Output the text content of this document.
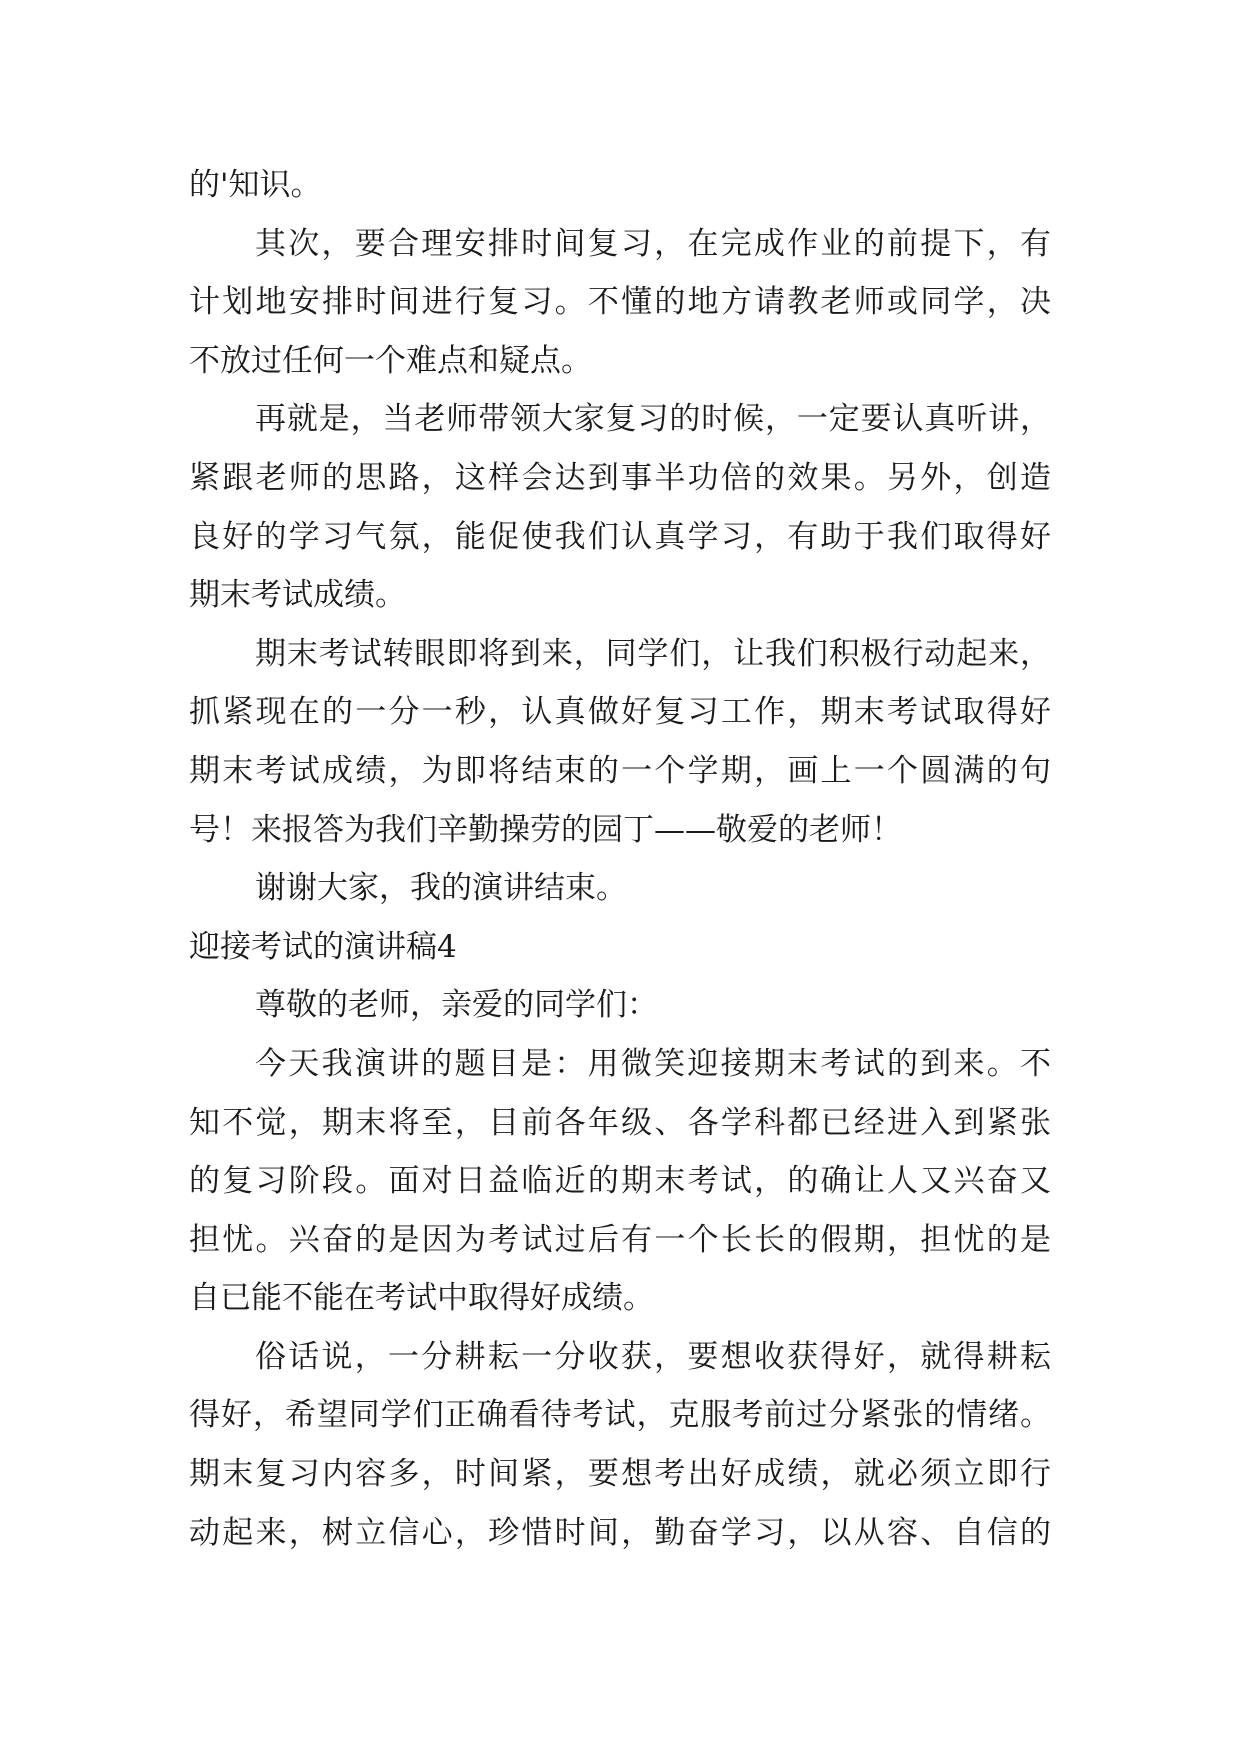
的'知识。
其次，要合理安排时间复习，在完成作业的前提下，有
计划地安排时间进行复习。不懂的地方请教老师或同学，决
不放过任何一个难点和疑点。
再就是，当老师带领大家复习的时候，一定要认真听讲，
紧跟老师的思路，这样会达到事半功倍的效果。另外，创造
良好的学习气氛，能促使我们认真学习，有助于我们取得好
期末考试成绩。
期末考试转眼即将到来，同学们，让我们积极行动起来，
抓紧现在的一分一秒，认真做好复习工作，期末考试取得好
期末考试成绩，为即将结束的一个学期，画上一个圆满的句
号！来报答为我们辛勤操劳的园丁——敬爱的老师！
谢谢大家，我的演讲结束。
迎接考试的演讲稿4
尊敬的老师，亲爱的同学们：
今天我演讲的题目是：用微笑迎接期末考试的到来。不
知不觉，期末将至，目前各年级、各学科都已经进入到紧张
的复习阶段。面对日益临近的期末考试，的确让人又兴奋又
担忧。兴奋的是因为考试过后有一个长长的假期，担忧的是
自已能不能在考试中取得好成绩。
俗话说，一分耕耘一分收获，要想收获得好，就得耕耘
得好，希望同学们正确看待考试，克服考前过分紧张的情绪。
期末复习内容多，时间紧，要想考出好成绩，就必须立即行
动起来，树立信心，珍惜时间，勤奋学习，以从容、自信的
